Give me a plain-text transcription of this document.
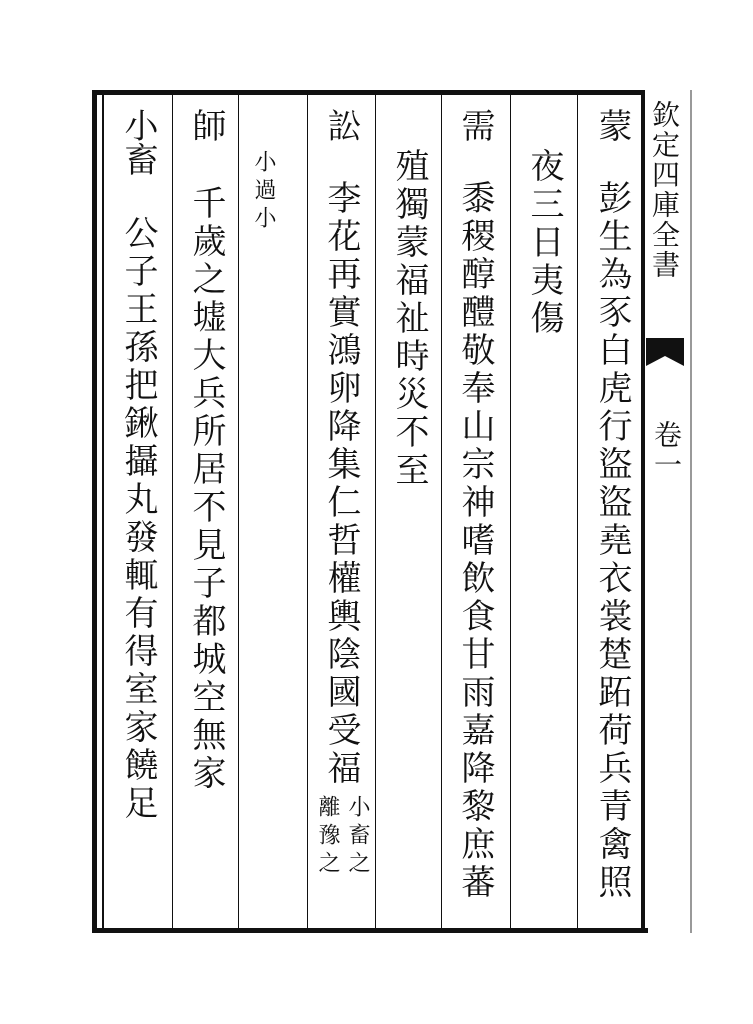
欽定四庫全書
卷一
蒙
彭生為豕白虎行盜盜堯衣裳䠂跖荷兵青禽照
夜三日夷傷
需
黍稷醇醴敬奉山宗神嗜飲食甘雨嘉降黎庶蕃
殖獨蒙福祉時災不至
訟
李花再實鴻卵降集仁哲權輿陰國受福
小畜之
離豫之
小過小
師
千歲之墟大兵所居不見子都城空無家
小畜
公子王孫把鍬攝丸發輒有得室家饒足
